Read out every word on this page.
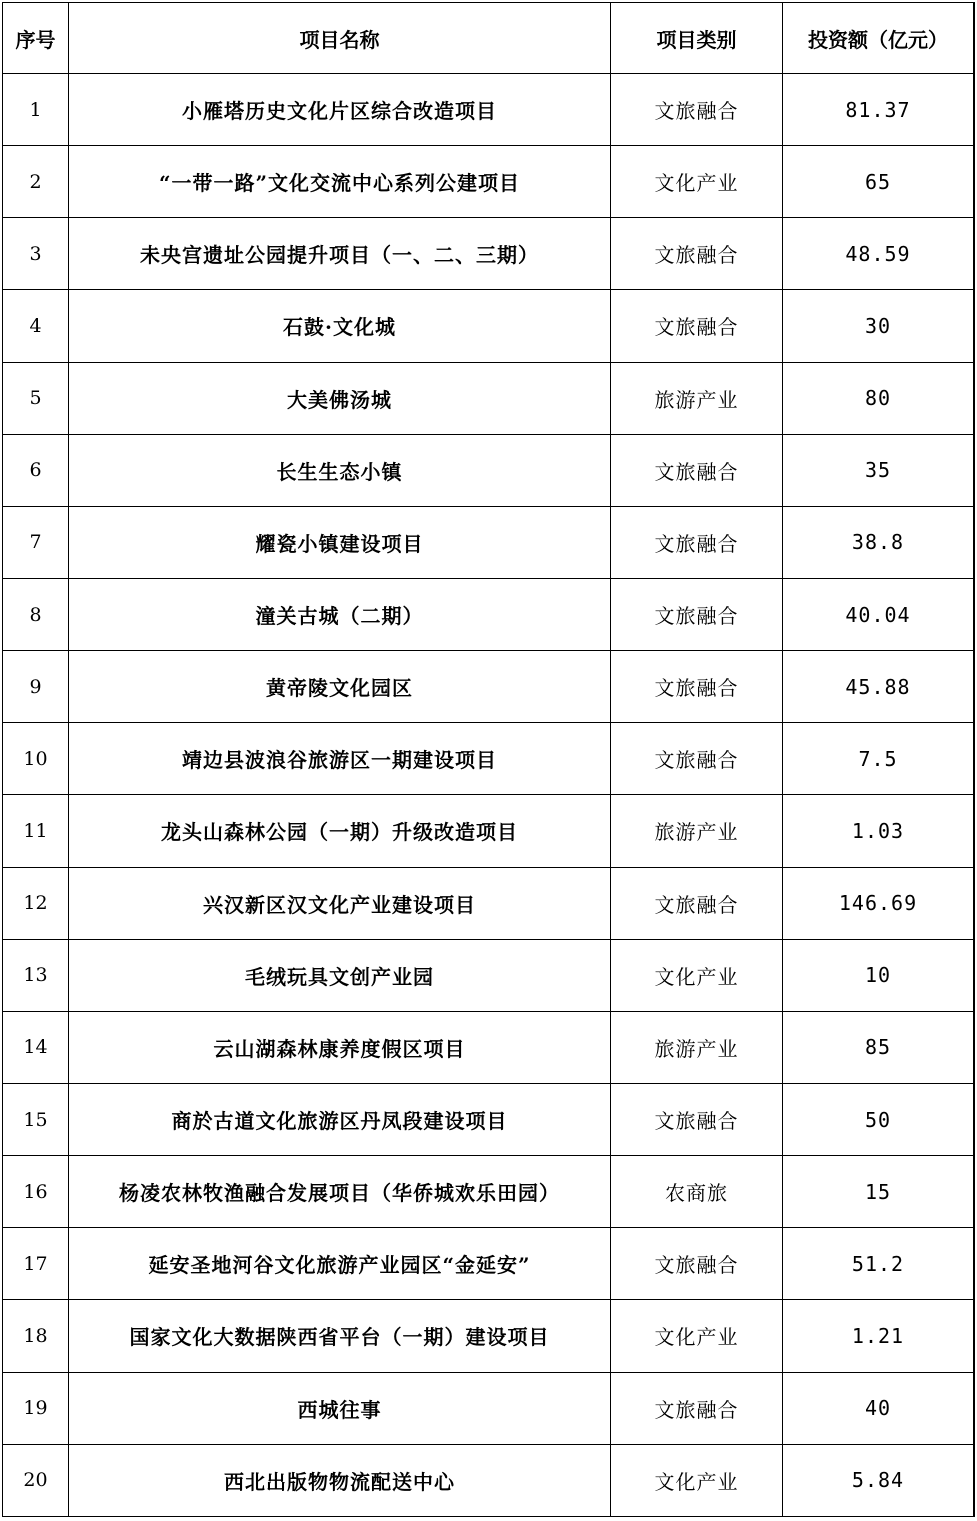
序号	项目名称	项目类别	投资额（亿元）
1	小雁塔历史文化片区综合改造项目	文旅融合	81.37
2	“一带一路”文化交流中心系列公建项目	文化产业	65
3	未央宫遗址公园提升项目（一、二、三期）	文旅融合	48.59
4	石鼓·文化城	文旅融合	30
5	大美佛汤城	旅游产业	80
6	长生生态小镇	文旅融合	35
7	耀瓷小镇建设项目	文旅融合	38.8
8	潼关古城（二期）	文旅融合	40.04
9	黄帝陵文化园区	文旅融合	45.88
10	靖边县波浪谷旅游区一期建设项目	文旅融合	7.5
11	龙头山森林公园（一期）升级改造项目	旅游产业	1.03
12	兴汉新区汉文化产业建设项目	文旅融合	146.69
13	毛绒玩具文创产业园	文化产业	10
14	云山湖森林康养度假区项目	旅游产业	85
15	商於古道文化旅游区丹凤段建设项目	文旅融合	50
16	杨凌农林牧渔融合发展项目（华侨城欢乐田园）	农商旅	15
17	延安圣地河谷文化旅游产业园区“金延安”	文旅融合	51.2
18	国家文化大数据陕西省平台（一期）建设项目	文化产业	1.21
19	西城往事	文旅融合	40
20	西北出版物物流配送中心	文化产业	5.84
